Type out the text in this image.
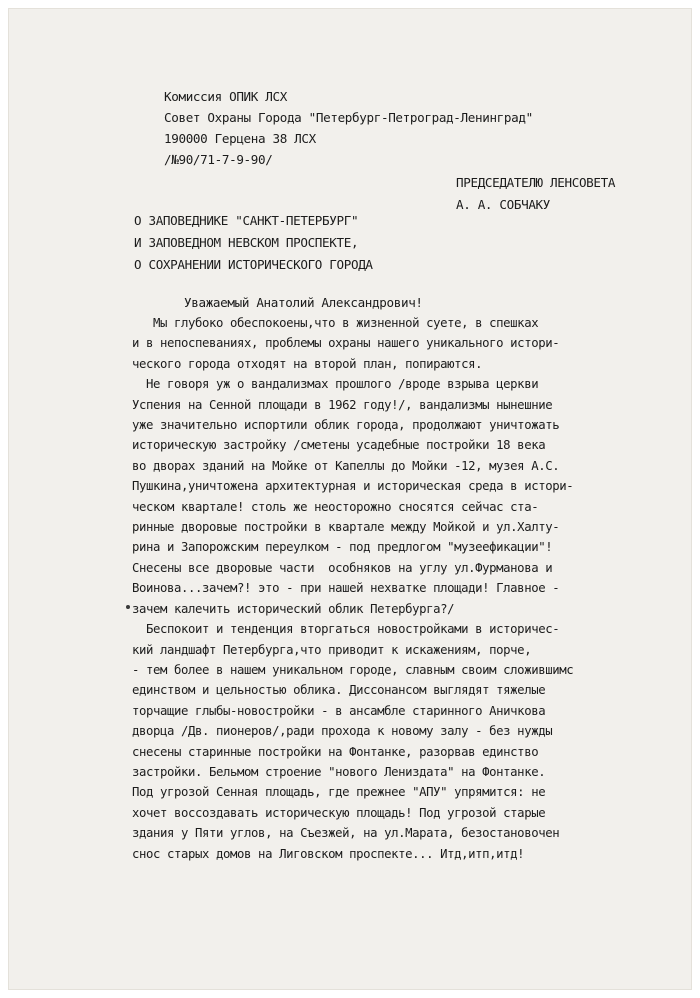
Комиссия ОПИК ЛСХ
Совет Охраны Города "Петербург-Петроград-Ленинград"
190000 Герцена 38 ЛСХ
/№90/71-7-9-90/
ПРЕДСЕДАТЕЛЮ ЛЕНСОВЕТА
А. А. СОБЧАКУ
О ЗАПОВЕДНИКЕ "САНКТ-ПЕТЕРБУРГ"
И ЗАПОВЕДНОМ НЕВСКОМ ПРОСПЕКТЕ,
О СОХРАНЕНИИ ИСТОРИЧЕСКОГО ГОРОДА
Уважаемый Анатолий Александрович!
Мы глубоко обеспокоены,что в жизненной суете, в спешках
и в непоспеваниях, проблемы охраны нашего уникального истори-
ческого города отходят на второй план, попираются.
Не говоря уж о вандализмах прошлого /вроде взрыва церкви
Успения на Сенной площади в 1962 году!/, вандализмы нынешние
уже значительно испортили облик города, продолжают уничтожать
историческую застройку /сметены усадебные постройки 18 века
во дворах зданий на Мойке от Капеллы до Мойки -12, музея А.С.
Пушкина,уничтожена архитектурная и историческая среда в истори-
ческом квартале! столь же неосторожно сносятся сейчас ста-
ринные дворовые постройки в квартале между Мойкой и ул.Халту-
рина и Запорожским переулком - под предлогом "музеефикации"!
Снесены все дворовые части  особняков на углу ул.Фурманова и
Воинова...зачем?! это - при нашей нехватке площади! Главное -
зачем калечить исторический облик Петербурга?/
Беспокоит и тенденция вторгаться новостройками в историчес-
кий ландшафт Петербурга,что приводит к искажениям, порче,
- тем более в нашем уникальном городе, славным своим сложившимс
единством и цельностью облика. Диссонансом выглядят тяжелые
торчащие глыбы-новостройки - в ансамбле старинного Аничкова
дворца /Дв. пионеров/,ради прохода к новому залу - без нужды
снесены старинные постройки на Фонтанке, разорвав единство
застройки. Бельмом строение "нового Лениздата" на Фонтанке.
Под угрозой Сенная площадь, где прежнее "АПУ" упрямится: не
хочет воссоздавать историческую площадь! Под угрозой старые
здания у Пяти углов, на Съезжей, на ул.Марата, безостановочен
снос старых домов на Лиговском проспекте... Итд,итп,итд!
